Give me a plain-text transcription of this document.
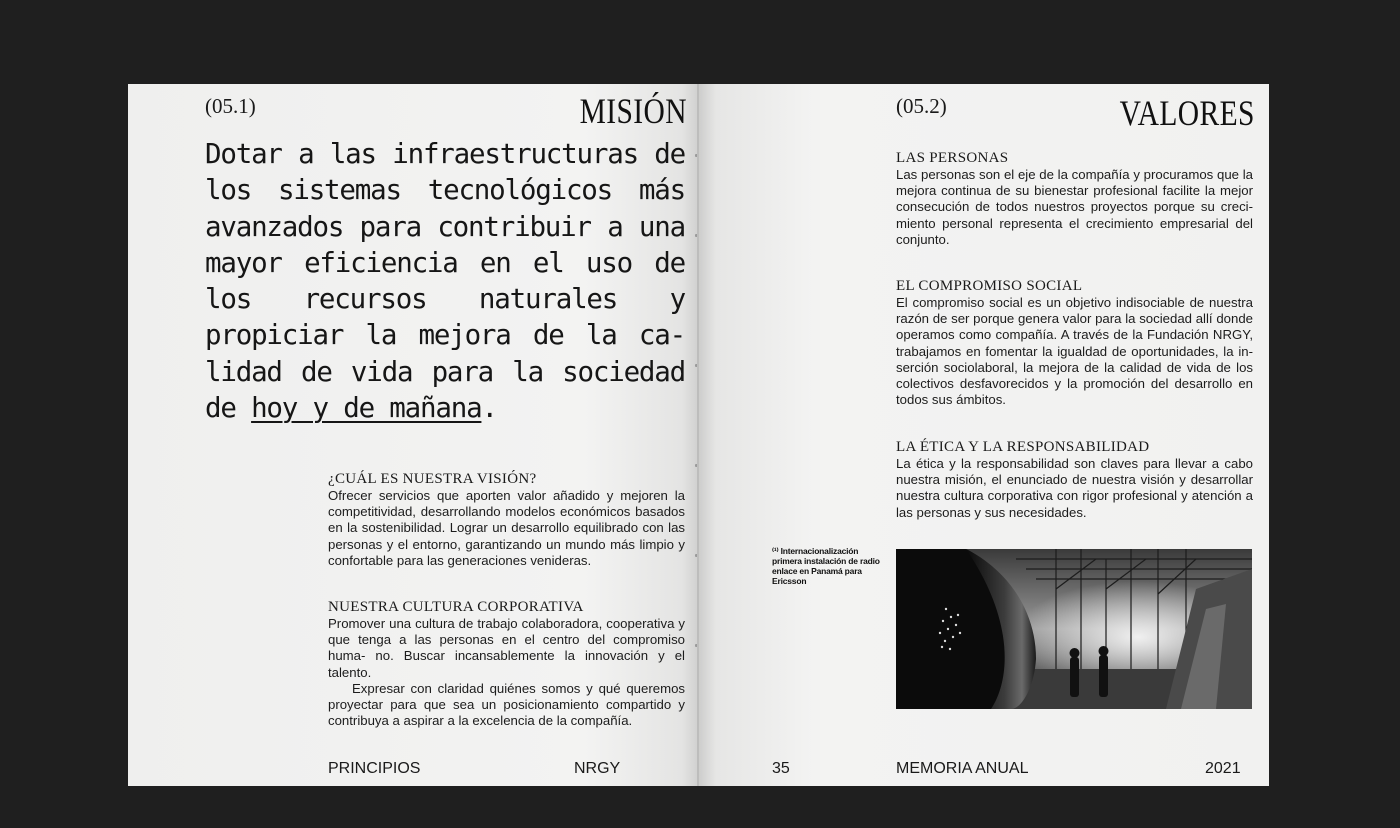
(05.1)	MISIÓN
Dotar a las infraestructuras de los sistemas tecnológicos más avanzados para contribuir a una mayor eficiencia en el uso de los recursos naturales y propiciar la mejora de la ca- lidad de vida para la sociedad de hoy y de mañana.
¿CUÁL ES NUESTRA VISIÓN?

Ofrecer servicios que aporten valor añadido y mejoren la competitividad, desarrollando modelos económicos basados en la sostenibilidad. Lograr un desarrollo equilibrado con las personas y el entorno, garantizando un mundo más limpio y confortable para las generaciones venideras.

NUESTRA CULTURA CORPORATIVA

Promover una cultura de trabajo colaboradora, cooperativa y que tenga a las personas en el centro del compromiso huma- no. Buscar incansablemente la innovación y el talento.

Expresar con claridad quiénes somos y qué queremos proyectar para que sea un posicionamiento compartido y contribuya a aspirar a la excelencia de la compañía.

PRINCIPIOS	NRGY
(05.2)	VALORES
LAS PERSONAS

Las personas son el eje de la compañía y procuramos que la mejora continua de su bienestar profesional facilite la mejor consecución de todos nuestros proyectos porque su creci- miento personal representa el crecimiento empresarial del conjunto.

EL COMPROMISO SOCIAL

El compromiso social es un objetivo indisociable de nuestra razón de ser porque genera valor para la sociedad allí donde operamos como compañía. A través de la Fundación NRGY, trabajamos en fomentar la igualdad de oportunidades, la in- serción sociolaboral, la mejora de la calidad de vida de los colectivos desfavorecidos y la promoción del desarrollo en todos sus ámbitos.

LA ÉTICA Y LA RESPONSABILIDAD

La ética y la responsabilidad son claves para llevar a cabo nuestra misión, el enunciado de nuestra visión y desarrollar nuestra cultura corporativa con rigor profesional y atención a las personas y sus necesidades.

⁽¹⁾ Internacionalización primera instalación de radio enlace en Panamá para Ericsson
35	MEMORIA ANUAL	2021
